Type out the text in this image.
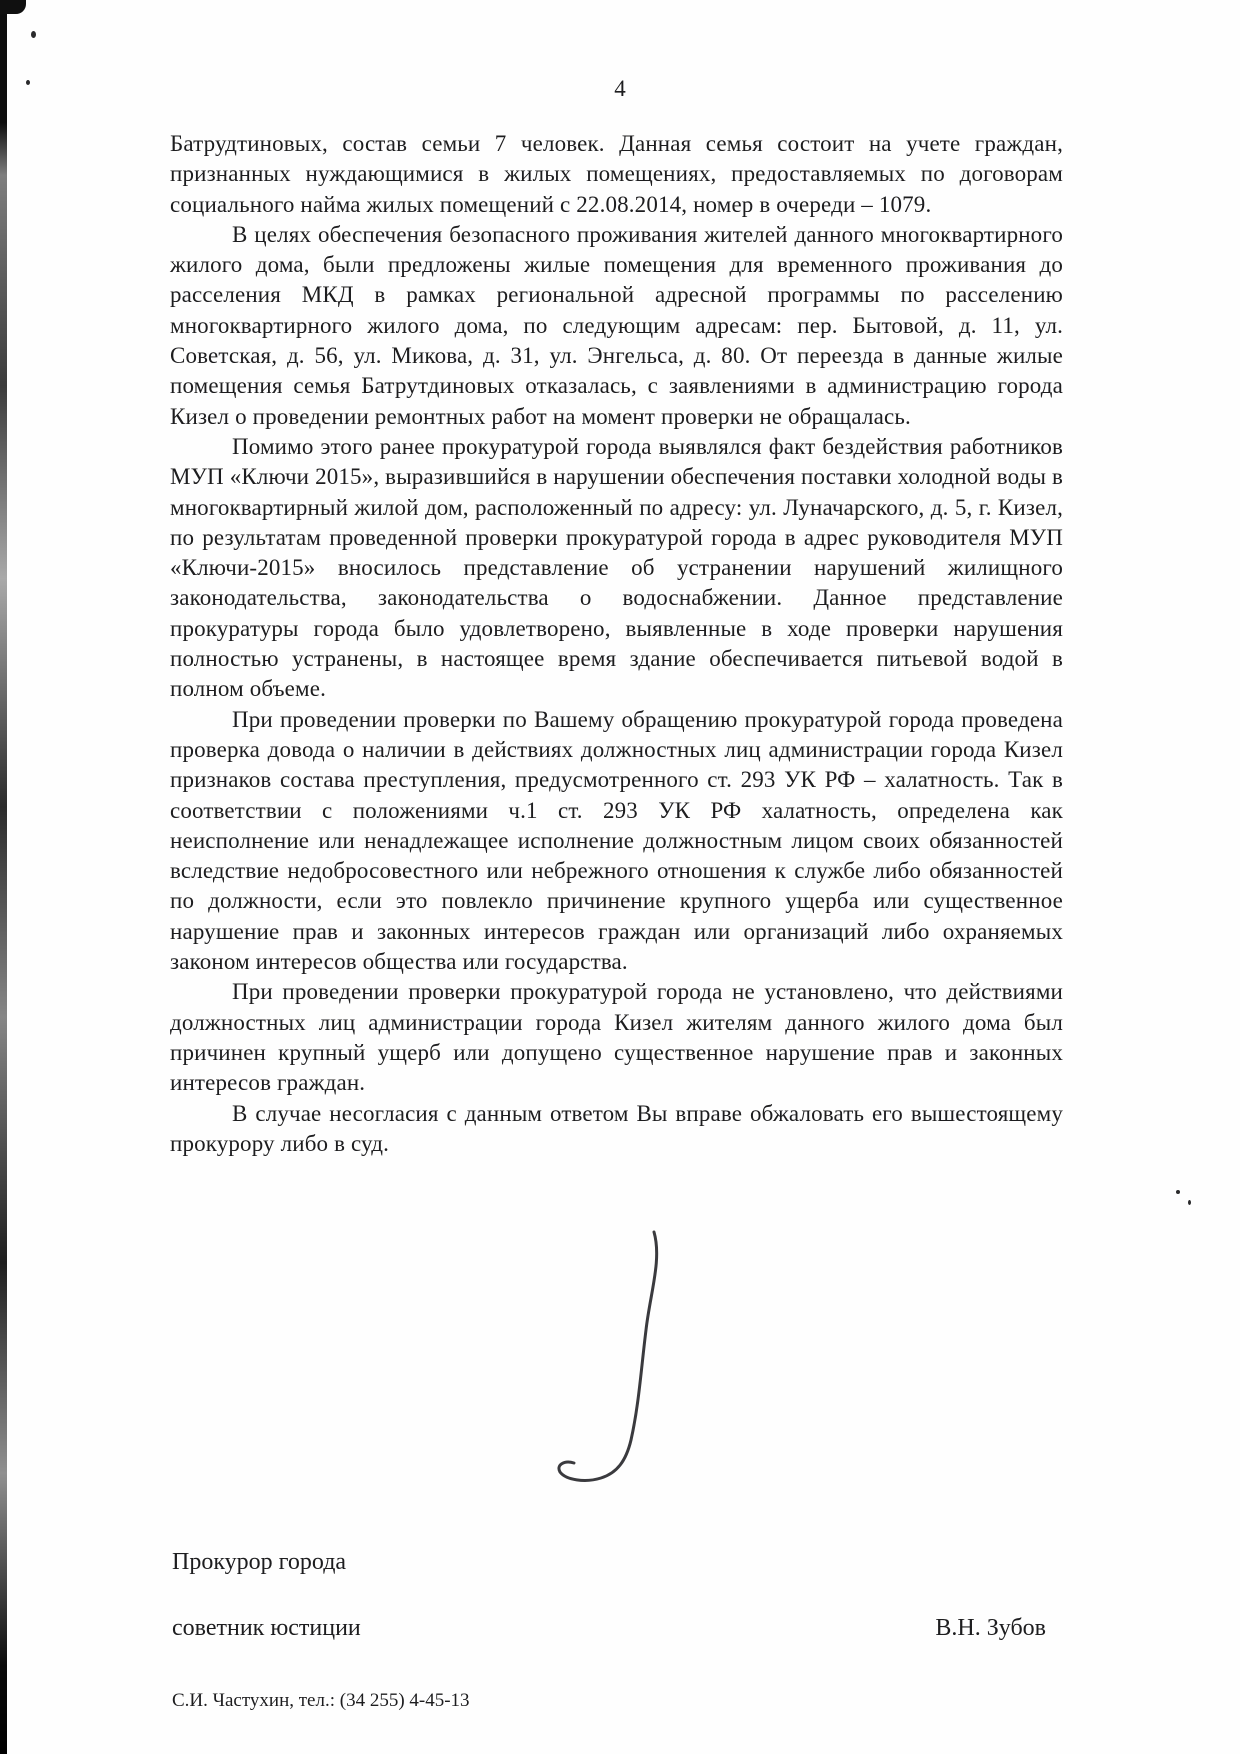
4

Батрудтиновых, состав семьи 7 человек. Данная семья состоит на учете граждан, признанных нуждающимися в жилых помещениях, предоставляемых по договорам социального найма жилых помещений с 22.08.2014, номер в очереди – 1079.

В целях обеспечения безопасного проживания жителей данного многоквартирного жилого дома, были предложены жилые помещения для временного проживания до расселения МКД в рамках региональной адресной программы по расселению многоквартирного жилого дома, по следующим адресам: пер. Бытовой, д. 11, ул. Советская, д. 56, ул. Микова, д. 31, ул. Энгельса, д. 80. От переезда в данные жилые помещения семья Батрутдиновых отказалась, с заявлениями в администрацию города Кизел о проведении ремонтных работ на момент проверки не обращалась.

Помимо этого ранее прокуратурой города выявлялся факт бездействия работников МУП «Ключи 2015», выразившийся в нарушении обеспечения поставки холодной воды в многоквартирный жилой дом, расположенный по адресу: ул. Луначарского, д. 5, г. Кизел, по результатам проведенной проверки прокуратурой города в адрес руководителя МУП «Ключи-2015» вносилось представление об устранении нарушений жилищного законодательства, законодательства о водоснабжении. Данное представление прокуратуры города было удовлетворено, выявленные в ходе проверки нарушения полностью устранены, в настоящее время здание обеспечивается питьевой водой в полном объеме.

При проведении проверки по Вашему обращению прокуратурой города проведена проверка довода о наличии в действиях должностных лиц администрации города Кизел признаков состава преступления, предусмотренного ст. 293 УК РФ – халатность. Так в соответствии с положениями ч.1 ст. 293 УК РФ халатность, определена как неисполнение или ненадлежащее исполнение должностным лицом своих обязанностей вследствие недобросовестного или небрежного отношения к службе либо обязанностей по должности, если это повлекло причинение крупного ущерба или существенное нарушение прав и законных интересов граждан или организаций либо охраняемых законом интересов общества или государства.

При проведении проверки прокуратурой города не установлено, что действиями должностных лиц администрации города Кизел жителям данного жилого дома был причинен крупный ущерб или допущено существенное нарушение прав и законных интересов граждан.

В случае несогласия с данным ответом Вы вправе обжаловать его вышестоящему прокурору либо в суд.

Прокурор города
советник юстиции	В.Н. Зубов
С.И. Частухин, тел.: (34 255) 4-45-13
